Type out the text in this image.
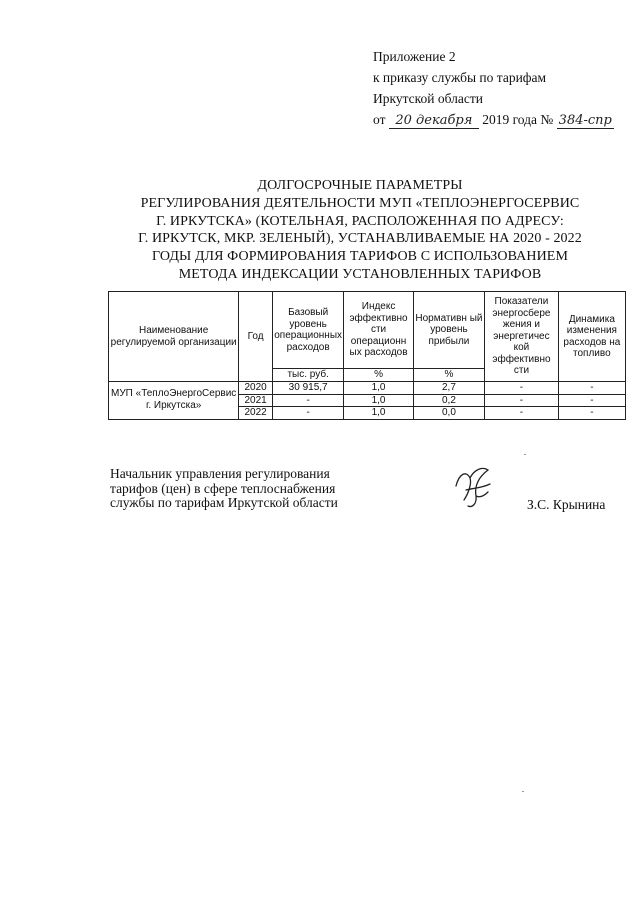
Приложение 2
к приказу службы по тарифам
Иркутской области
от 20 декабря 2019 года № 384-спр
ДОЛГОСРОЧНЫЕ ПАРАМЕТРЫ
РЕГУЛИРОВАНИЯ ДЕЯТЕЛЬНОСТИ МУП «ТЕПЛОЭНЕРГОСЕРВИС
Г. ИРКУТСКА» (КОТЕЛЬНАЯ, РАСПОЛОЖЕННАЯ ПО АДРЕСУ:
Г. ИРКУТСК, МКР. ЗЕЛЕНЫЙ), УСТАНАВЛИВАЕМЫЕ НА 2020 - 2022
ГОДЫ ДЛЯ ФОРМИРОВАНИЯ ТАРИФОВ С ИСПОЛЬЗОВАНИЕМ
МЕТОДА ИНДЕКСАЦИИ УСТАНОВЛЕННЫХ ТАРИФОВ
Наименование регулируемой организации	Год	Базовый уровень операционных расходов	Индекс эффективно сти операционн ых расходов	Нормативн ый уровень прибыли	Показатели энергосбере жения и энергетичес кой эффективно сти	Динамика изменения расходов на топливо
		тыс. руб.	%	%		
МУП «ТеплоЭнергоСервис г. Иркутска»	2020	30 915,7	1,0	2,7	-	-
	2021	-	1,0	0,2	-	-
	2022	-	1,0	0,0	-	-
Начальник управления регулирования
тарифов (цен) в сфере теплоснабжения
службы по тарифам Иркутской области	З.С. Крынина
